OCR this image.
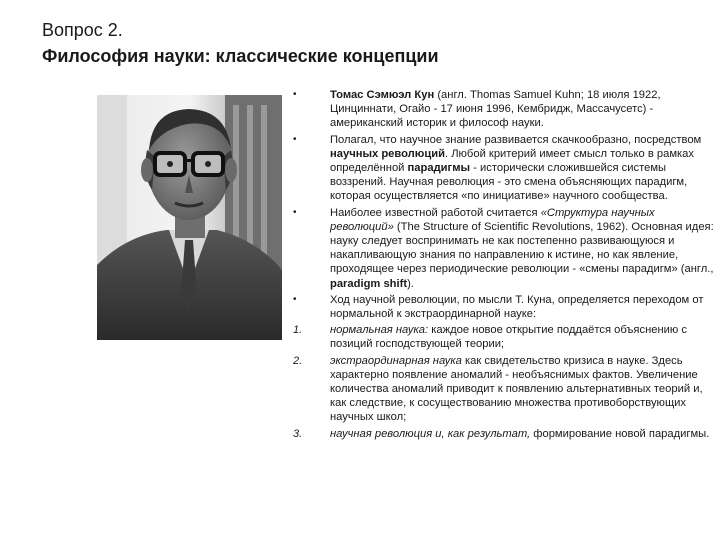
Вопрос 2.
Философия науки: классические концепции
•	Томас Сэмюэл Кун (англ. Thomas Samuel Kuhn; 18 июля 1922, Цинциннати, Огайо - 17 июня 1996, Кембридж, Массачусетс) - американский историк и философ науки.
•	Полагал, что научное знание развивается скачкообразно, посредством научных революций. Любой критерий имеет смысл только в рамках определённой парадигмы - исторически сложившейся системы воззрений. Научная революция - это смена объясняющих парадигм, которая осуществляется «по инициативе» научного сообщества.
•	Наиболее известной работой считается «Структура научных революций» (The Structure of Scientific Revolutions, 1962). Основная идея: науку следует воспринимать не как постепенно развивающуюся и накапливающую знания по направлению к истине, но как явление, проходящее через периодические революции - «смены парадигм» (англ., paradigm shift).
•	Ход научной революции, по мысли Т. Куна, определяется переходом от нормальной к экстраординарной науке:
1.	нормальная наука: каждое новое открытие поддаётся объяснению с позиций господствующей теории;
2.	экстраординарная наука как свидетельство кризиса в науке. Здесь характерно появление аномалий - необъяснимых фактов. Увеличение количества аномалий приводит к появлению альтернативных теорий и, как следствие, к сосуществованию множества противоборствующих научных школ;
3.	научная революция и, как результат, формирование новой парадигмы.
